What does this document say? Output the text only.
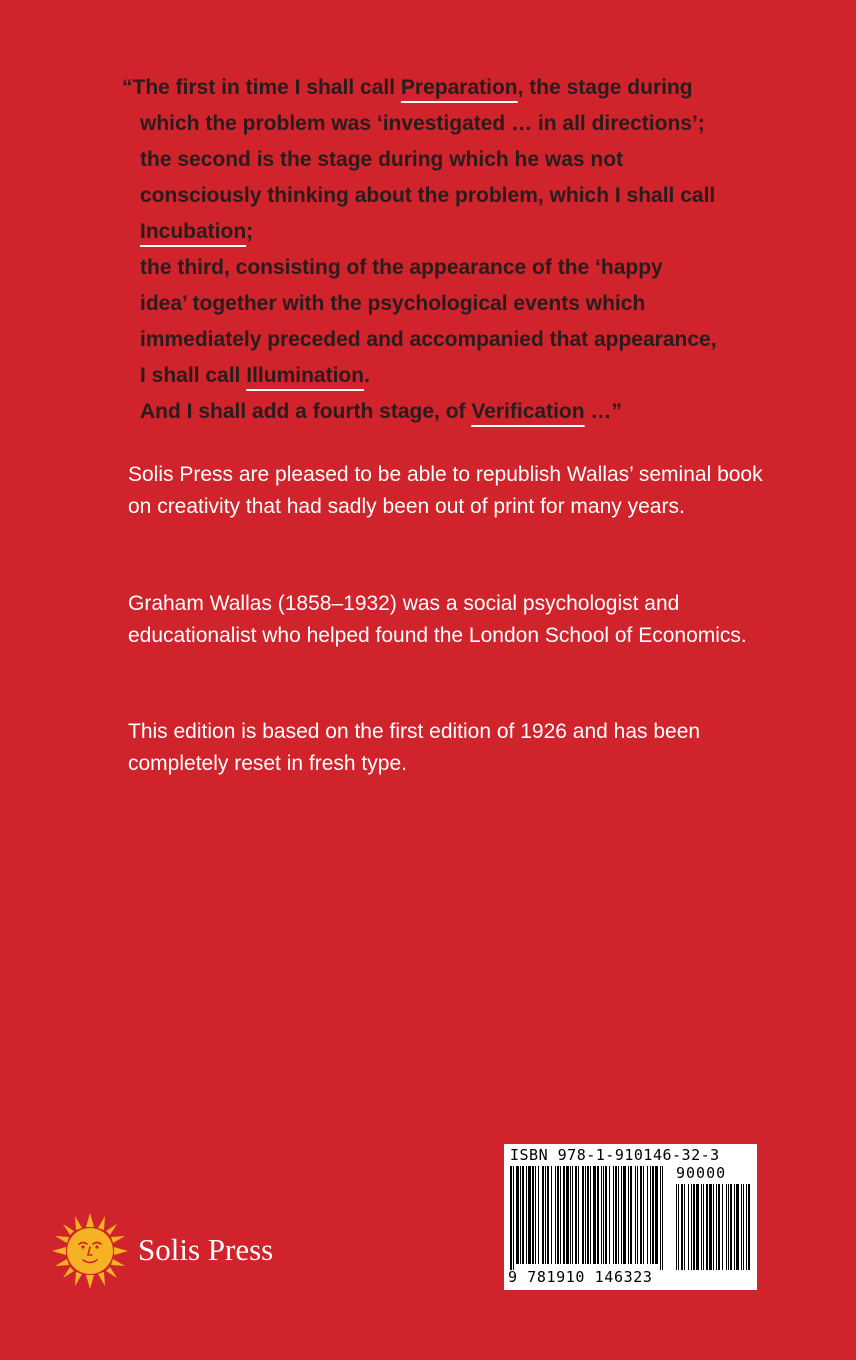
“The first in time I shall call Preparation, the stage during
which the problem was ‘investigated … in all directions’;
the second is the stage during which he was not
consciously thinking about the problem, which I shall call
Incubation;
the third, consisting of the appearance of the ‘happy
idea’ together with the psychological events which
immediately preceded and accompanied that appearance,
I shall call Illumination.
And I shall add a fourth stage, of Verification …”

Solis Press are pleased to be able to republish Wallas’ seminal book on creativity that had sadly been out of print for many years.

Graham Wallas (1858–1932) was a social psychologist and educationalist who helped found the London School of Economics.

This edition is based on the first edition of 1926 and has been completely reset in fresh type.

Solis Press
ISBN 978-1-910146-32-3
90000
9 781910 146323
